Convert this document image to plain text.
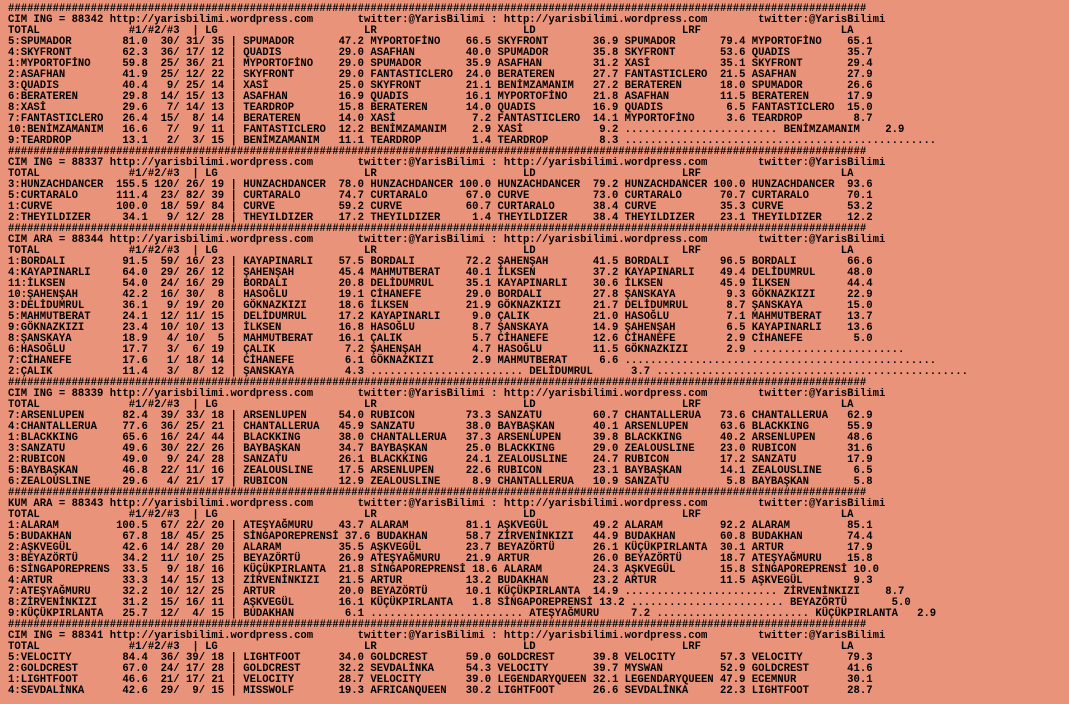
#######################################################################################################################################
CIM ING = 88342 http://yarisbilimi.wordpress.com       twitter:@YarisBilimi : http://yarisbilimi.wordpress.com        twitter:@YarisBilimi
TOTAL              #1/#2/#3  | LG                       LR                       LD                       LRF                      LA
5:SPUMADOR        81.0  30/ 31/ 35 | SPUMADOR       47.2 MYPORTOFİNO    66.5 SKYFRONT       36.9 SPUMADOR       79.4 MYPORTOFİNO    65.1
4:SKYFRONT        62.3  36/ 17/ 12 | QUADIS         29.0 ASAFHAN        40.0 SPUMADOR       35.8 SKYFRONT       53.6 QUADIS         35.7
1:MYPORTOFİNO     59.8  25/ 36/ 21 | MYPORTOFİNO    29.0 SPUMADOR       35.9 ASAFHAN        31.2 XASİ           35.1 SKYFRONT       29.4
2:ASAFHAN         41.9  25/ 12/ 22 | SKYFRONT       29.0 FANTASTICLERO  24.0 BERATEREN      27.7 FANTASTICLERO  21.5 ASAFHAN        27.9
3:QUADIS          40.4   9/ 25/ 14 | XASİ           25.0 SKYFRONT       21.1 BENİMZAMANIM   27.2 BERATEREN      18.0 SPUMADOR       26.6
6:BERATEREN       29.8  14/ 15/ 13 | ASAFHAN        16.9 QUADIS         16.1 MYPORTOFİNO    21.8 ASAFHAN        11.5 BERATEREN      17.9
8:XASİ            29.6   7/ 14/ 13 | TEARDROP       15.8 BERATEREN      14.0 QUADIS         16.9 QUADIS          6.5 FANTASTICLERO  15.0
7:FANTASTICLERO   26.4  15/  8/ 14 | BERATEREN      14.0 XASİ            7.2 FANTASTICLERO  14.1 MYPORTOFİNO     3.6 TEARDROP        8.7
10:BENİMZAMANIM   16.6   7/  9/ 11 | FANTASTICLERO  12.2 BENİMZAMANIM    2.9 XASİ            9.2 ........................ BENİMZAMANIM    2.9
9:TEARDROP        13.1   2/  3/ 15 | BENİMZAMANIM   11.1 TEARDROP        1.4 TEARDROP        8.3 .................................................
#######################################################################################################################################
CIM ING = 88337 http://yarisbilimi.wordpress.com       twitter:@YarisBilimi : http://yarisbilimi.wordpress.com        twitter:@YarisBilimi
TOTAL              #1/#2/#3  | LG                       LR                       LD                       LRF                      LA
3:HUNZACHDANCER  155.5 120/ 26/ 19 | HUNZACHDANCER  78.0 HUNZACHDANCER 100.0 HUNZACHDANCER  79.2 HUNZACHDANCER 100.0 HUNZACHDANCER  93.6
5:CURTARALO      111.4  23/ 82/ 39 | CURTARALO      74.7 CURTARALO      67.0 CURVE          73.0 CURTARALO      70.7 CURTARALO      70.1
1:CURVE          100.0  18/ 59/ 84 | CURVE          59.2 CURVE          60.7 CURTARALO      38.4 CURVE          35.3 CURVE          53.2
2:THEYILDIZER     34.1   9/ 12/ 28 | THEYILDIZER    17.2 THEYILDIZER     1.4 THEYILDIZER    38.4 THEYILDIZER    23.1 THEYILDIZER    12.2
#######################################################################################################################################
CIM ARA = 88344 http://yarisbilimi.wordpress.com       twitter:@YarisBilimi : http://yarisbilimi.wordpress.com        twitter:@YarisBilimi
TOTAL              #1/#2/#3  | LG                       LR                       LD                       LRF                      LA
1:BORDALI         91.5  59/ 16/ 23 | KAYAPINARLI    57.5 BORDALI        72.2 ŞAHENŞAH       41.5 BORDALI        96.5 BORDALI        66.6
4:KAYAPINARLI     64.0  29/ 26/ 12 | ŞAHENŞAH       45.4 MAHMUTBERAT    40.1 İLKSEN         37.2 KAYAPINARLI    49.4 DELİDUMRUL     48.0
11:İLKSEN         54.0  24/ 16/ 29 | BORDALI        20.8 DELİDUMRUL     35.1 KAYAPINARLI    30.6 İLKSEN         45.9 İLKSEN         44.4
10:ŞAHENŞAH       42.2  16/ 30/  8 | HASOĞLU        19.1 CİHANEFE       29.0 BORDALI        27.8 ŞANSKAYA        9.3 GÖKNAZKIZI     22.9
3:DELİDUMRUL      36.1   9/ 19/ 20 | GÖKNAZKIZI     18.6 İLKSEN         21.9 GÖKNAZKIZI     21.7 DELİDUMRUL      8.7 ŞANSKAYA       15.0
5:MAHMUTBERAT     24.1  12/ 11/ 15 | DELİDUMRUL     17.2 KAYAPINARLI     9.0 ÇALIK          21.0 HASOĞLU         7.1 MAHMUTBERAT    13.7
9:GÖKNAZKIZI      23.4  10/ 10/ 13 | İLKSEN         16.8 HASOĞLU         8.7 ŞANSKAYA       14.9 ŞAHENŞAH        6.5 KAYAPINARLI    13.6
8:ŞANSKAYA        18.9   4/ 10/  5 | MAHMUTBERAT    16.1 ÇALIK           5.7 CİHANEFE       12.6 CİHANEFE        2.9 CİHANEFE        5.0
6:HASOĞLU         17.7   3/  6/ 19 | ÇALIK           7.2 ŞAHENŞAH        4.7 HASOĞLU        11.5 GÖKNAZKIZI      2.9 ........................
7:CİHANEFE        17.6   1/ 18/ 14 | CİHANEFE        6.1 GÖKNAZKIZI      2.9 MAHMUTBERAT     6.6 .................................................
2:ÇALIK           11.4   3/  8/ 12 | ŞANSKAYA        4.3 ........................ DELİDUMRUL      3.7 .................................................
#######################################################################################################################################
CIM ING = 88339 http://yarisbilimi.wordpress.com       twitter:@YarisBilimi : http://yarisbilimi.wordpress.com        twitter:@YarisBilimi
TOTAL              #1/#2/#3  | LG                       LR                       LD                       LRF                      LA
7:ARSENLUPEN      82.4  39/ 33/ 18 | ARSENLUPEN     54.0 RUBICON        73.3 SANZATU        60.7 CHANTALLERUA   73.6 CHANTALLERUA   62.9
4:CHANTALLERUA    77.6  36/ 25/ 21 | CHANTALLERUA   45.9 SANZATU        38.0 BAYBAŞKAN      40.1 ARSENLUPEN     63.6 BLACKKING      55.9
1:BLACKKING       65.6  16/ 24/ 44 | BLACKKING      38.0 CHANTALLERUA   37.3 ARSENLUPEN     39.8 BLACKKING      40.2 ARSENLUPEN     48.6
3:SANZATU         49.6  30/ 22/ 26 | BAYBAŞKAN      34.7 BAYBAŞKAN      25.0 BLACKKING      29.0 ZEALOUSLINE    23.0 RUBICON        31.6
2:RUBICON         49.0   9/ 24/ 28 | SANZATU        26.1 BLACKKING      24.1 ZEALOUSLINE    24.7 RUBICON        17.2 SANZATU        17.9
5:BAYBAŞKAN       46.8  22/ 11/ 16 | ZEALOUSLINE    17.5 ARSENLUPEN     22.6 RUBICON        23.1 BAYBAŞKAN      14.1 ZEALOUSLINE     6.5
6:ZEALOUSLINE     29.6   4/ 21/ 17 | RUBICON        12.9 ZEALOUSLINE     8.9 CHANTALLERUA   10.9 SANZATU         5.8 BAYBAŞKAN       5.8
#######################################################################################################################################
KUM ARA = 88343 http://yarisbilimi.wordpress.com       twitter:@YarisBilimi : http://yarisbilimi.wordpress.com        twitter:@YarisBilimi
TOTAL              #1/#2/#3  | LG                       LR                       LD                       LRF                      LA
1:ALARAM         100.5  67/ 22/ 20 | ATEŞYAĞMURU    43.7 ALARAM         81.1 AŞKVEGÜL       49.2 ALARAM         92.2 ALARAM         85.1
5:BUDAKHAN        67.8  18/ 45/ 25 | SİNGAPOREPRENSİ 37.6 BUDAKHAN      58.7 ZİRVENİNKIZI   44.9 BUDAKHAN       60.8 BUDAKHAN       74.4
2:AŞKVEGÜL        42.6  14/ 28/ 20 | ALARAM         35.5 AŞKVEGÜL       23.7 BEYAZÖRTÜ      26.1 KÜÇÜKPIRLANTA  30.1 ARTUR          17.9
3:BEYAZÖRTÜ       34.2  11/ 10/ 25 | BEYAZÖRTÜ      26.9 ATEŞYAĞMURU    21.9 ARTUR          26.0 BEYAZÖRTÜ      18.7 ATEŞYAĞMURU    15.8
6:SİNGAPOREPRENS  33.5   9/ 18/ 16 | KÜÇÜKPIRLANTA  21.8 SİNGAPOREPRENSİ 18.6 ALARAM        24.3 AŞKVEGÜL       15.8 SİNGAPOREPRENSİ 10.0
4:ARTUR           33.3  14/ 15/ 13 | ZİRVENİNKIZI   21.5 ARTUR          13.2 BUDAKHAN       23.2 ARTUR          11.5 AŞKVEGÜL        9.3
7:ATEŞYAĞMURU     32.2  10/ 12/ 25 | ARTUR          20.0 BEYAZÖRTÜ      10.1 KÜÇÜKPIRLANTA  14.9 ........................ ZİRVENİNKIZI    8.7
8:ZİRVENİNKIZI    31.2  15/ 16/ 11 | AŞKVEGÜL       16.1 KÜÇÜKPIRLANTA   1.8 SİNGAPOREPRENSİ 13.2 ........................ BEYAZÖRTÜ       5.0
9:KÜÇÜKPIRLANTA   25.7  12/  4/ 15 | BUDAKHAN        6.1 ........................ ATEŞYAĞMURU     7.2 ........................ KÜÇÜKPIRLANTA   2.9
#######################################################################################################################################
CIM ING = 88341 http://yarisbilimi.wordpress.com       twitter:@YarisBilimi : http://yarisbilimi.wordpress.com        twitter:@YarisBilimi
TOTAL              #1/#2/#3  | LG                       LR                       LD                       LRF                      LA
5:VELOCITY        84.4  36/ 39/ 18 | LIGHTFOOT      34.0 GOLDCREST      59.0 GOLDCREST      39.8 VELOCITY       57.3 VELOCITY       79.3
2:GOLDCREST       67.0  24/ 17/ 28 | GOLDCREST      32.2 SEVDALİNKA     54.3 VELOCITY       39.7 MYSWAN         52.9 GOLDCREST      41.6
1:LIGHTFOOT       46.6  21/ 17/ 21 | VELOCITY       28.7 VELOCITY       39.0 LEGENDARYQUEEN 32.1 LEGENDARYQUEEN 47.9 ECEMNUR        30.1
4:SEVDALİNKA      42.6  29/  9/ 15 | MISSWOLF       19.3 AFRICANQUEEN   30.2 LIGHTFOOT      26.6 SEVDALİNKA     22.3 LIGHTFOOT      28.7
